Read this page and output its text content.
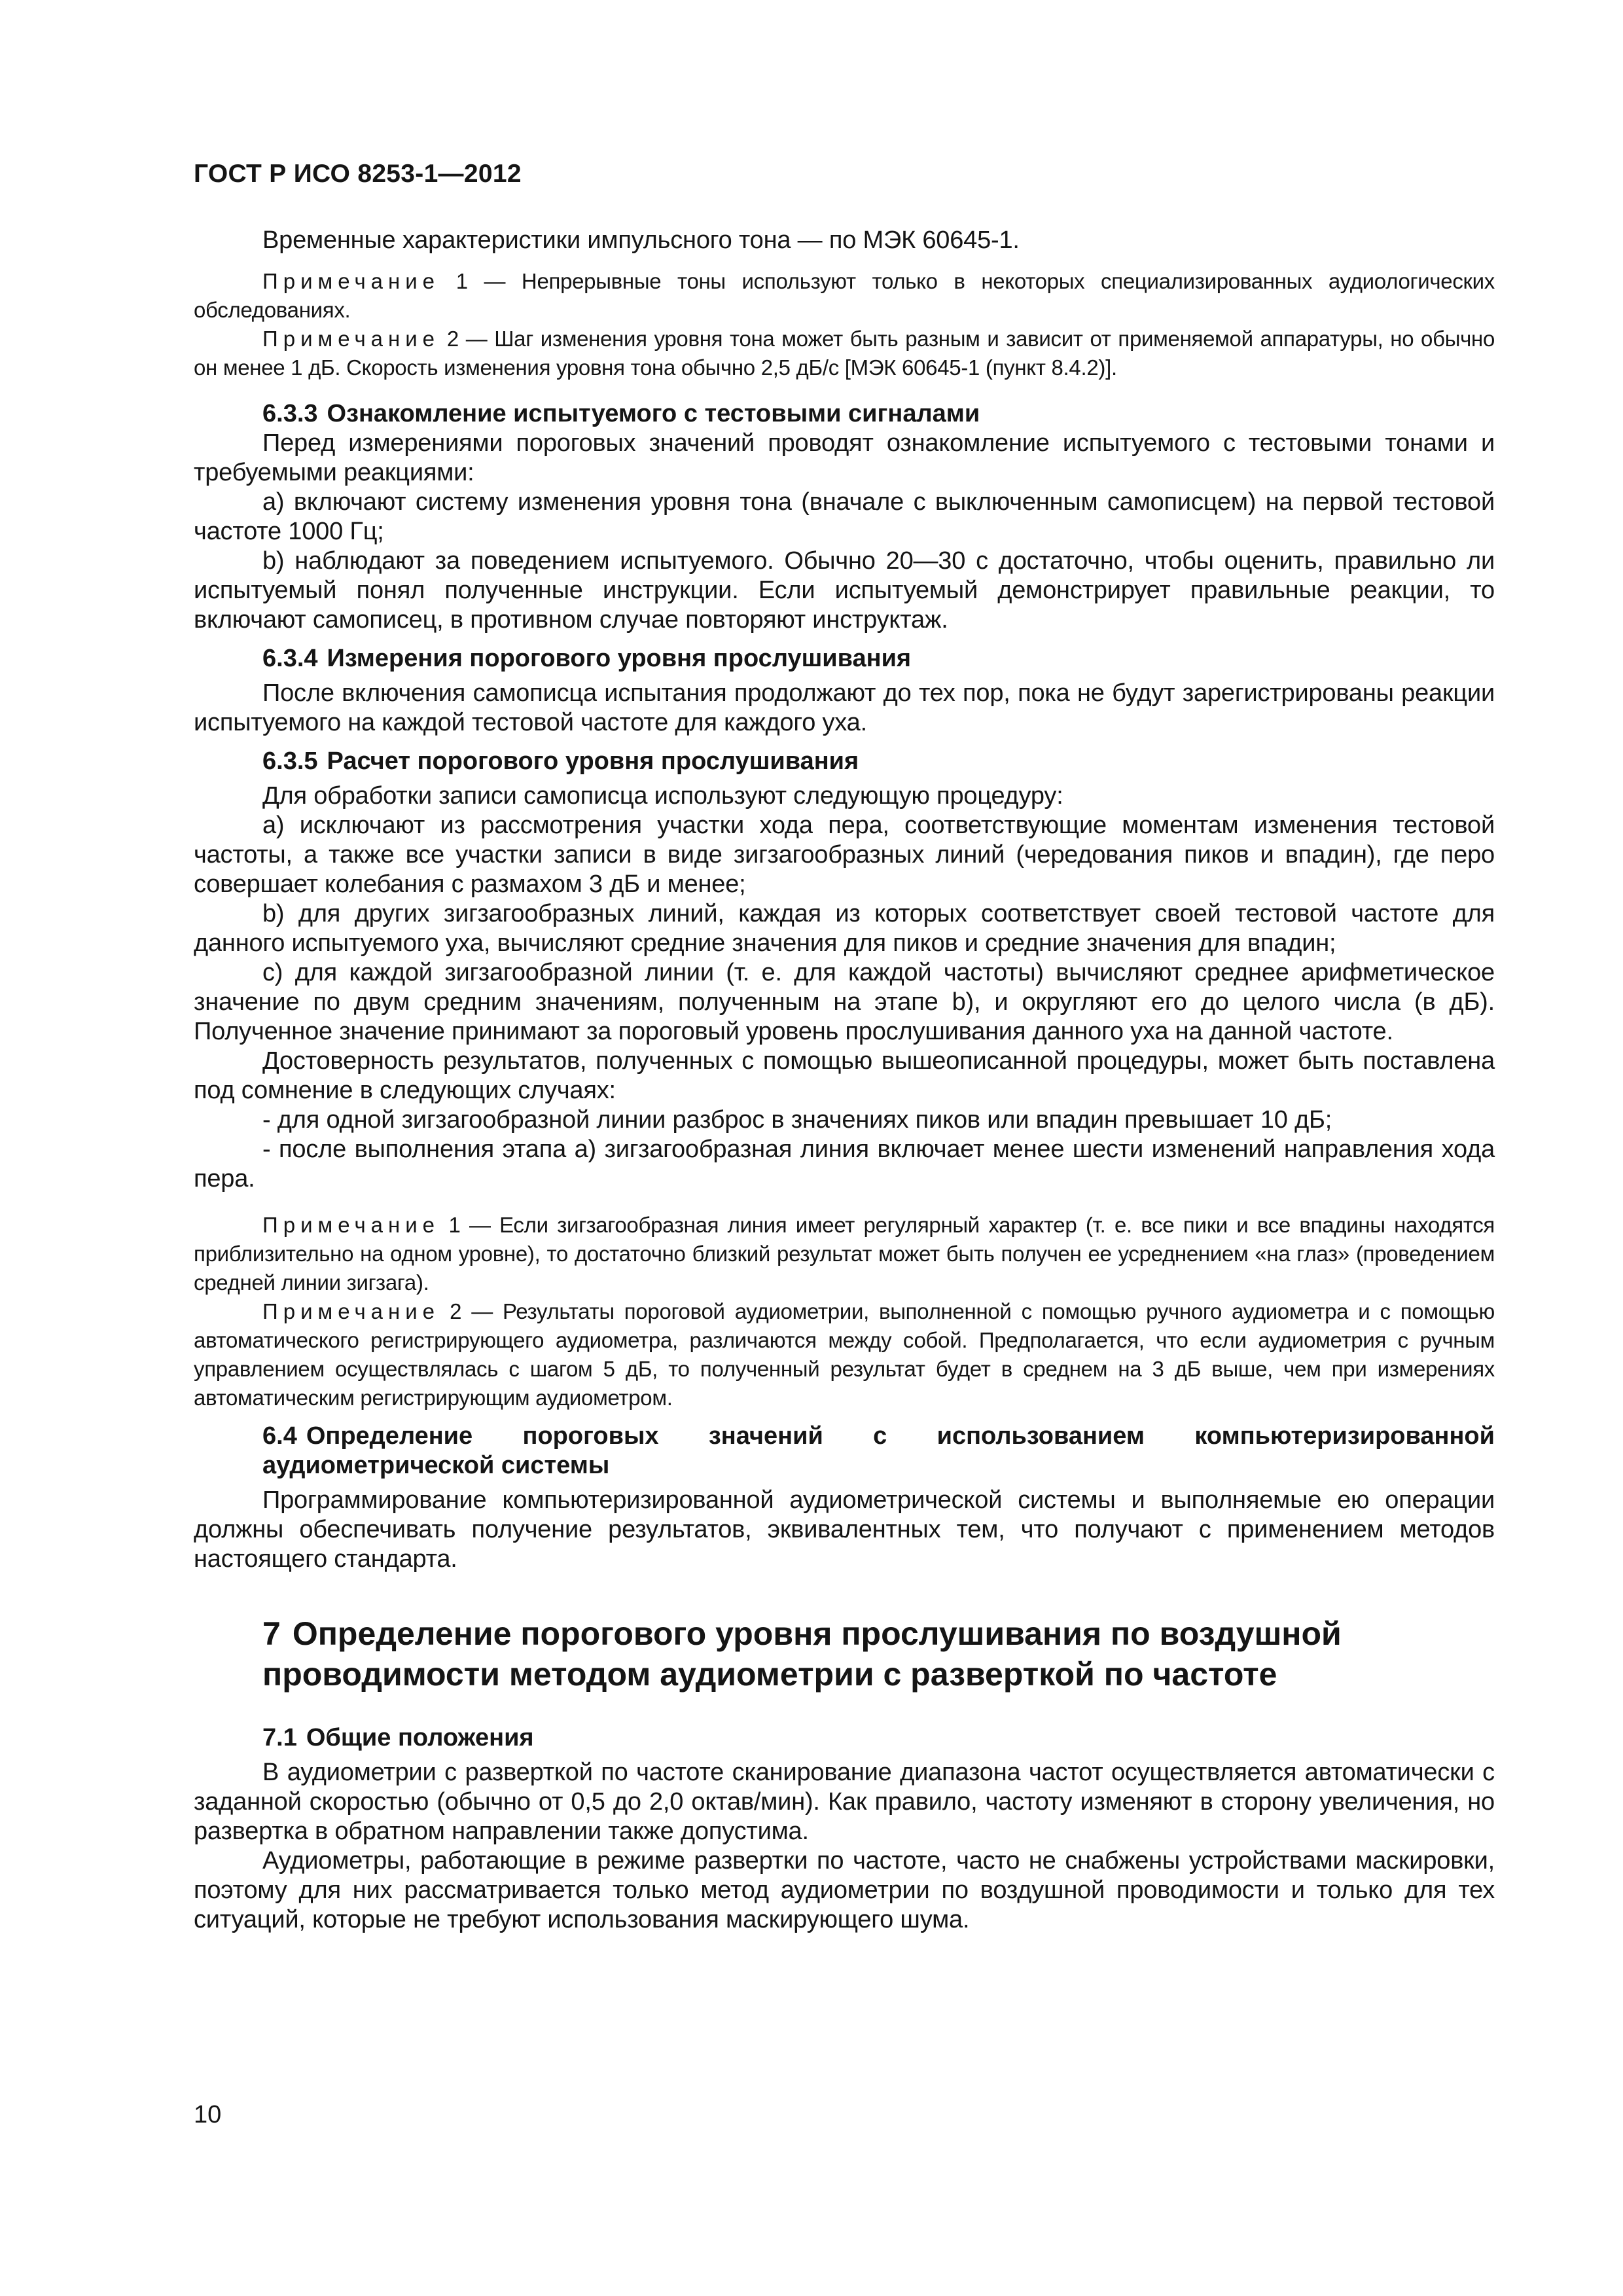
ГОСТ Р ИСО 8253-1—2012

Временные характеристики импульсного тона — по МЭК 60645-1.

Примечание 1 — Непрерывные тоны используют только в некоторых специализированных аудиологических обследованиях.

Примечание 2 — Шаг изменения уровня тона может быть разным и зависит от применяемой аппаратуры, но обычно он менее 1 дБ. Скорость изменения уровня тона обычно 2,5 дБ/с [МЭК 60645-1 (пункт 8.4.2)].

6.3.3 Ознакомление испытуемого с тестовыми сигналами

Перед измерениями пороговых значений проводят ознакомление испытуемого с тестовыми тонами и требуемыми реакциями:

а) включают систему изменения уровня тона (вначале с выключенным самописцем) на первой тестовой частоте 1000 Гц;

b) наблюдают за поведением испытуемого. Обычно 20—30 с достаточно, чтобы оценить, правильно ли испытуемый понял полученные инструкции. Если испытуемый демонстрирует правильные реакции, то включают самописец, в противном случае повторяют инструктаж.

6.3.4 Измерения порогового уровня прослушивания

После включения самописца испытания продолжают до тех пор, пока не будут зарегистрированы реакции испытуемого на каждой тестовой частоте для каждого уха.

6.3.5 Расчет порогового уровня прослушивания

Для обработки записи самописца используют следующую процедуру:

а) исключают из рассмотрения участки хода пера, соответствующие моментам изменения тестовой частоты, а также все участки записи в виде зигзагообразных линий (чередования пиков и впадин), где перо совершает колебания с размахом 3 дБ и менее;

b) для других зигзагообразных линий, каждая из которых соответствует своей тестовой частоте для данного испытуемого уха, вычисляют средние значения для пиков и средние значения для впадин;

с) для каждой зигзагообразной линии (т. е. для каждой частоты) вычисляют среднее арифметическое значение по двум средним значениям, полученным на этапе b), и округляют его до целого числа (в дБ). Полученное значение принимают за пороговый уровень прослушивания данного уха на данной частоте.

Достоверность результатов, полученных с помощью вышеописанной процедуры, может быть поставлена под сомнение в следующих случаях:

- для одной зигзагообразной линии разброс в значениях пиков или впадин превышает 10 дБ;

- после выполнения этапа а) зигзагообразная линия включает менее шести изменений направления хода пера.

Примечание 1 — Если зигзагообразная линия имеет регулярный характер (т. е. все пики и все впадины находятся приблизительно на одном уровне), то достаточно близкий результат может быть получен ее усреднением «на глаз» (проведением средней линии зигзага).

Примечание 2 — Результаты пороговой аудиометрии, выполненной с помощью ручного аудиометра и с помощью автоматического регистрирующего аудиометра, различаются между собой. Предполагается, что если аудиометрия с ручным управлением осуществлялась с шагом 5 дБ, то полученный результат будет в среднем на 3 дБ выше, чем при измерениях автоматическим регистрирующим аудиометром.

6.4 Определение пороговых значений с использованием компьютеризированной аудиометрической системы

Программирование компьютеризированной аудиометрической системы и выполняемые ею операции должны обеспечивать получение результатов, эквивалентных тем, что получают с применением методов настоящего стандарта.

7 Определение порогового уровня прослушивания по воздушной проводимости методом аудиометрии с разверткой по частоте
7.1 Общие положения

В аудиометрии с разверткой по частоте сканирование диапазона частот осуществляется автоматически с заданной скоростью (обычно от 0,5 до 2,0 октав/мин). Как правило, частоту изменяют в сторону увеличения, но развертка в обратном направлении также допустима.

Аудиометры, работающие в режиме развертки по частоте, часто не снабжены устройствами маскировки, поэтому для них рассматривается только метод аудиометрии по воздушной проводимости и только для тех ситуаций, которые не требуют использования маскирующего шума.

10
